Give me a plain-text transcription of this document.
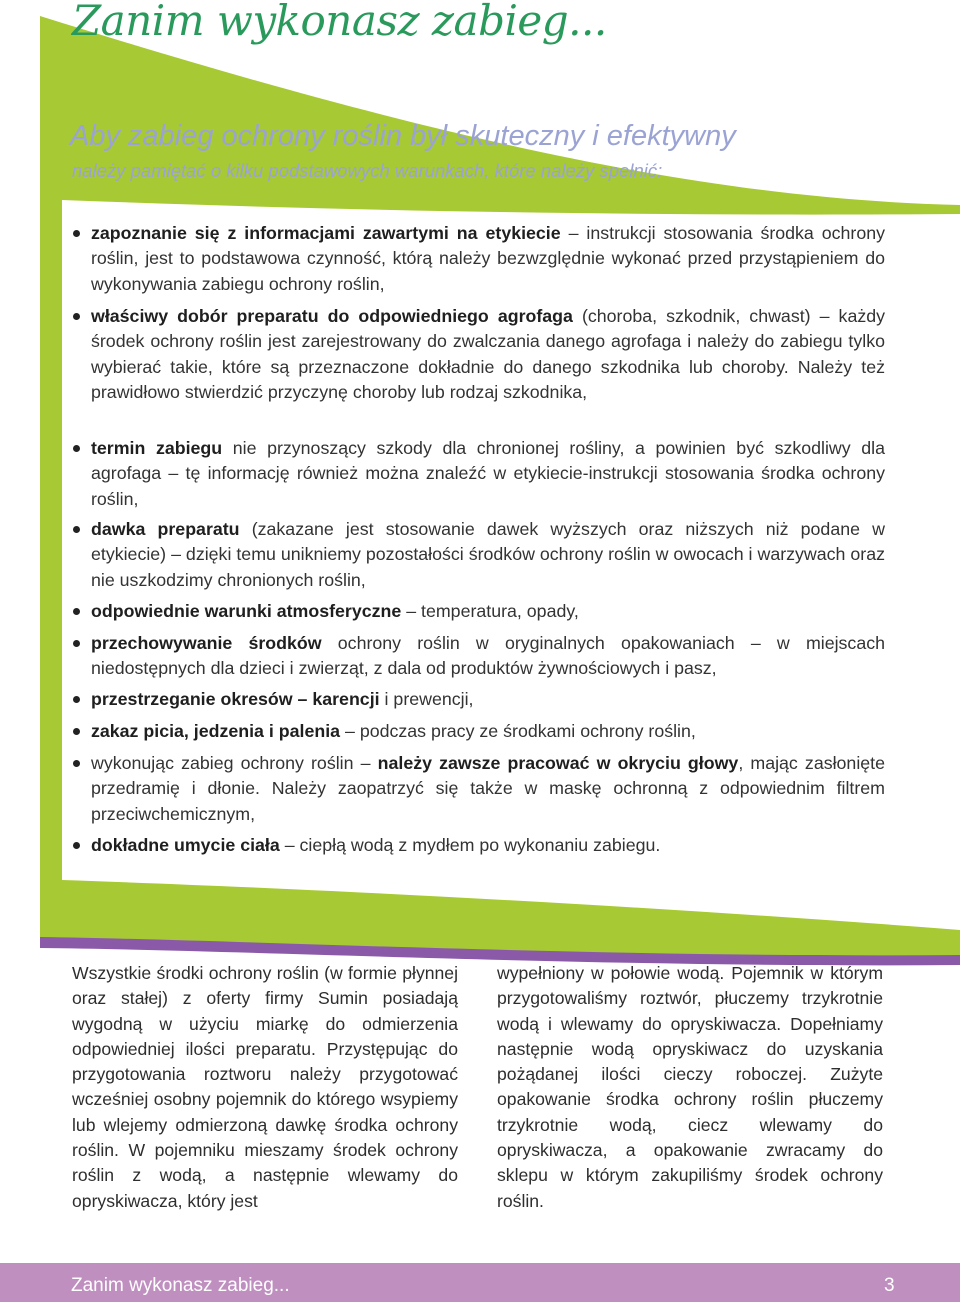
Zanim wykonasz zabieg...
Aby zabieg ochrony roślin był skuteczny i efektywny
należy pamiętać o kilku podstawowych warunkach, które należy spełnić:
zapoznanie się z informacjami zawartymi na etykiecie – instrukcji stosowania środka ochrony roślin, jest to podstawowa czynność, którą należy bezwzględnie wykonać przed przystąpieniem do wykonywania zabiegu ochrony roślin,
właściwy dobór preparatu do odpowiedniego agrofaga (choroba, szkodnik, chwast) – każdy środek ochrony roślin jest zarejestrowany do zwalczania danego agrofaga i należy do zabiegu tylko wybierać takie, które są przeznaczone dokładnie do danego szkodnika lub choroby. Należy też prawidłowo stwierdzić przyczynę choroby lub rodzaj szkodnika,
termin zabiegu nie przynoszący szkody dla chronionej rośliny, a powinien być szkodliwy dla agrofaga – tę informację również można znaleźć w etykiecie-instrukcji stosowania środka ochrony roślin,
dawka preparatu (zakazane jest stosowanie dawek wyższych oraz niższych niż podane w etykiecie) – dzięki temu unikniemy pozostałości środków ochrony roślin w owocach i warzywach oraz nie uszkodzimy chronionych roślin,
odpowiednie warunki atmosferyczne – temperatura, opady,
przechowywanie środków ochrony roślin w oryginalnych opakowaniach – w miejscach niedostępnych dla dzieci i zwierząt, z dala od produktów żywnościowych i pasz,
przestrzeganie okresów – karencji i prewencji,
zakaz picia, jedzenia i palenia – podczas pracy ze środkami ochrony roślin,
wykonując zabieg ochrony roślin – należy zawsze pracować w okryciu głowy, mając zasłonięte przedramię i dłonie. Należy zaopatrzyć się także w maskę ochronną z odpowiednim filtrem przeciwchemicznym,
dokładne umycie ciała – ciepłą wodą z mydłem po wykonaniu zabiegu.
Wszystkie środki ochrony roślin (w formie płynnej oraz stałej) z oferty firmy Sumin posiadają wygodną w użyciu miarkę do odmierzenia odpowiedniej ilości preparatu. Przystępując do przygotowania roztworu należy przygotować wcześniej osobny pojemnik do którego wsypiemy lub wlejemy odmierzoną dawkę środka ochrony roślin. W pojemniku mieszamy środek ochrony roślin z wodą, a następnie wlewamy do opryskiwacza, który jest
wypełniony w połowie wodą. Pojemnik w którym przygotowaliśmy roztwór, płuczemy trzykrotnie wodą i wlewamy do opryskiwacza. Dopełniamy następnie wodą opryskiwacz do uzyskania pożądanej ilości cieczy roboczej. Zużyte opakowanie środka ochrony roślin płuczemy trzykrotnie wodą, ciecz wlewamy do opryskiwacza, a opakowanie zwracamy do sklepu w którym zakupiliśmy środek ochrony roślin.
Zanim wykonasz zabieg...	3
